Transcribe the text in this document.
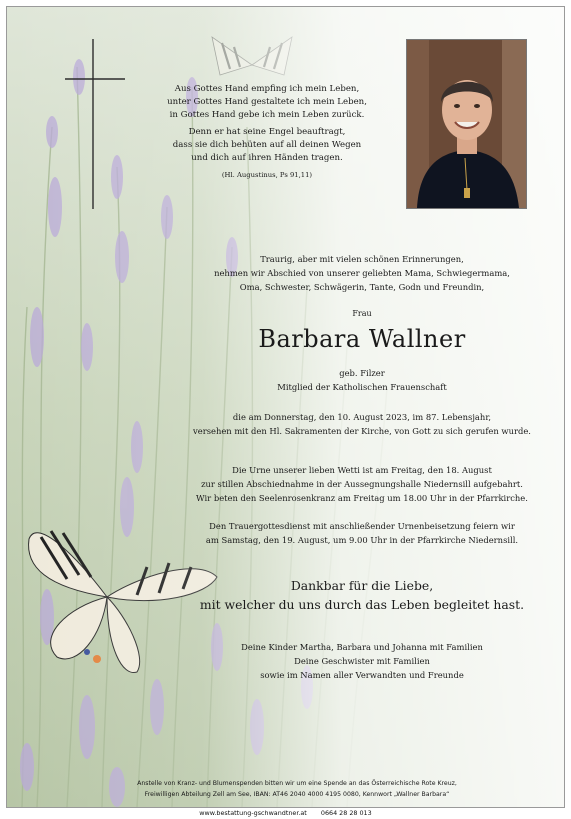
Aus Gottes Hand empfing ich mein Leben,
unter Gottes Hand gestaltete ich mein Leben,
in Gottes Hand gebe ich mein Leben zurück.
Denn er hat seine Engel beauftragt,
dass sie dich behüten auf all deinen Wegen
und dich auf ihren Händen tragen.
(Hl. Augustinus, Ps 91,11)
Traurig, aber mit vielen schönen Erinnerungen,
nehmen wir Abschied von unserer geliebten Mama, Schwiegermama,
Oma, Schwester, Schwägerin, Tante, Godn und Freundin,
Frau
Barbara Wallner
geb. Filzer
Mitglied der Katholischen Frauenschaft
die am Donnerstag, den 10. August 2023, im 87. Lebensjahr,
versehen mit den Hl. Sakramenten der Kirche, von Gott zu sich gerufen wurde.
Die Urne unserer lieben Wetti ist am Freitag, den 18. August
zur stillen Abschiednahme in der Aussegnungshalle Niedernsill aufgebahrt.
Wir beten den Seelenrosenkranz am Freitag um 18.00 Uhr in der Pfarrkirche.
Den Trauergottesdienst mit anschließender Urnenbeisetzung feiern wir
am Samstag, den 19. August, um 9.00 Uhr in der Pfarrkirche Niedernsill.
Dankbar für die Liebe,
mit welcher du uns durch das Leben begleitet hast.
Deine Kinder Martha, Barbara und Johanna mit Familien
Deine Geschwister mit Familien
sowie im Namen aller Verwandten und Freunde
Anstelle von Kranz- und Blumenspenden bitten wir um eine Spende an das Österreichische Rote Kreuz,
Freiwilligen Abteilung Zell am See, IBAN: AT46 2040 4000 4195 0080, Kennwort „Wallner Barbara“
www.bestattung-gschwandtner.at 0664 28 28 013
